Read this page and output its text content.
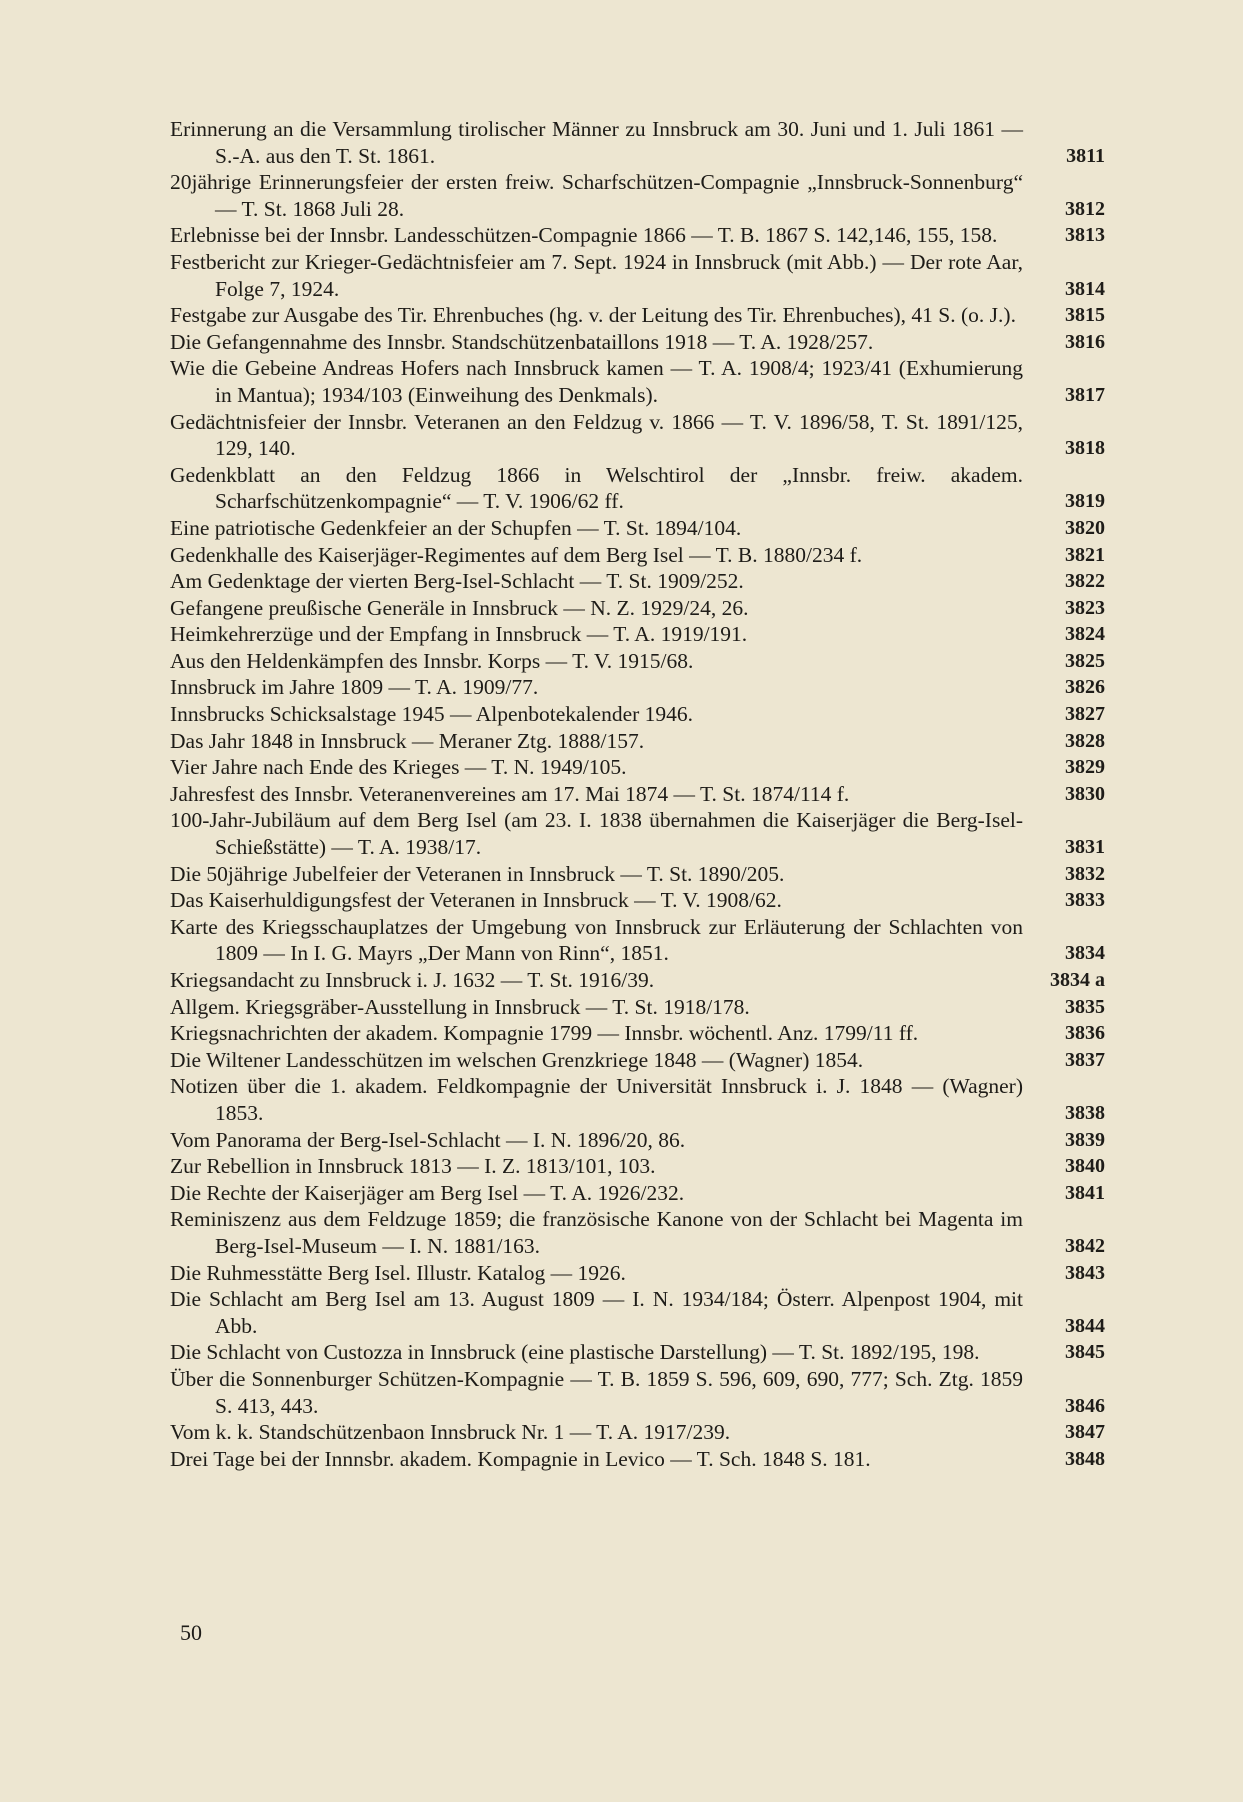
Erinnerung an die Versammlung tirolischer Männer zu Innsbruck am 30. Juni und 1. Juli 1861 — S.-A. aus den T. St. 1861.	3811
20jährige Erinnerungsfeier der ersten freiw. Scharfschützen-Compagnie „Innsbruck-Sonnenburg“ — T. St. 1868 Juli 28.	3812
Erlebnisse bei der Innsbr. Landesschützen-Compagnie 1866 — T. B. 1867 S. 142,146, 155, 158.	3813
Festbericht zur Krieger-Gedächtnisfeier am 7. Sept. 1924 in Innsbruck (mit Abb.) — Der rote Aar, Folge 7, 1924.	3814
Festgabe zur Ausgabe des Tir. Ehrenbuches (hg. v. der Leitung des Tir. Ehrenbuches), 41 S. (o. J.). 3815
Die Gefangennahme des Innsbr. Standschützenbataillons 1918 — T. A. 1928/257.	3816
Wie die Gebeine Andreas Hofers nach Innsbruck kamen — T. A. 1908/4; 1923/41 (Exhumierung in Mantua); 1934/103 (Einweihung des Denkmals).	3817
Gedächtnisfeier der Innsbr. Veteranen an den Feldzug v. 1866 — T. V. 1896/58, T. St. 1891/125, 129, 140.	3818
Gedenkblatt an den Feldzug 1866 in Welschtirol der „Innsbr. freiw. akadem. Scharfschützenkompagnie“ — T. V. 1906/62 ff.	3819
Eine patriotische Gedenkfeier an der Schupfen — T. St. 1894/104.	3820
Gedenkhalle des Kaiserjäger-Regimentes auf dem Berg Isel — T. B. 1880/234 f.	3821
Am Gedenktage der vierten Berg-Isel-Schlacht — T. St. 1909/252.	3822
Gefangene preußische Generäle in Innsbruck — N. Z. 1929/24, 26.	3823
Heimkehrerzüge und der Empfang in Innsbruck — T. A. 1919/191.	3824
Aus den Heldenkämpfen des Innsbr. Korps — T. V. 1915/68.	3825
Innsbruck im Jahre 1809 — T. A. 1909/77.	3826
Innsbrucks Schicksalstage 1945 — Alpenbotekalender 1946.	3827
Das Jahr 1848 in Innsbruck — Meraner Ztg. 1888/157.	3828
Vier Jahre nach Ende des Krieges — T. N. 1949/105.	3829
Jahresfest des Innsbr. Veteranenvereines am 17. Mai 1874 — T. St. 1874/114 f.	3830
100-Jahr-Jubiläum auf dem Berg Isel (am 23. I. 1838 übernahmen die Kaiserjäger die Berg-Isel-Schießstätte) — T. A. 1938/17.	3831
Die 50jährige Jubelfeier der Veteranen in Innsbruck — T. St. 1890/205.	3832
Das Kaiserhuldigungsfest der Veteranen in Innsbruck — T. V. 1908/62.	3833
Karte des Kriegsschauplatzes der Umgebung von Innsbruck zur Erläuterung der Schlachten von 1809 — In I. G. Mayrs „Der Mann von Rinn“, 1851.	3834
Kriegsandacht zu Innsbruck i. J. 1632 — T. St. 1916/39.	3834 a
Allgem. Kriegsgräber-Ausstellung in Innsbruck — T. St. 1918/178.	3835
Kriegsnachrichten der akadem. Kompagnie 1799 — Innsbr. wöchentl. Anz. 1799/11 ff.	3836
Die Wiltener Landesschützen im welschen Grenzkriege 1848 — (Wagner) 1854.	3837
Notizen über die 1. akadem. Feldkompagnie der Universität Innsbruck i. J. 1848 — (Wagner) 1853.	3838
Vom Panorama der Berg-Isel-Schlacht — I. N. 1896/20, 86.	3839
Zur Rebellion in Innsbruck 1813 — I. Z. 1813/101, 103.	3840
Die Rechte der Kaiserjäger am Berg Isel — T. A. 1926/232.	3841
Reminiszenz aus dem Feldzuge 1859; die französische Kanone von der Schlacht bei Magenta im Berg-Isel-Museum — I. N. 1881/163.	3842
Die Ruhmesstätte Berg Isel. Illustr. Katalog — 1926.	3843
Die Schlacht am Berg Isel am 13. August 1809 — I. N. 1934/184; Österr. Alpenpost 1904, mit Abb.	3844
Die Schlacht von Custozza in Innsbruck (eine plastische Darstellung) — T. St. 1892/195, 198.	3845
Über die Sonnenburger Schützen-Kompagnie — T. B. 1859 S. 596, 609, 690, 777; Sch. Ztg. 1859 S. 413, 443.	3846
Vom k. k. Standschützenbaon Innsbruck Nr. 1 — T. A. 1917/239.	3847
Drei Tage bei der Innnsbr. akadem. Kompagnie in Levico — T. Sch. 1848 S. 181.	3848
50
